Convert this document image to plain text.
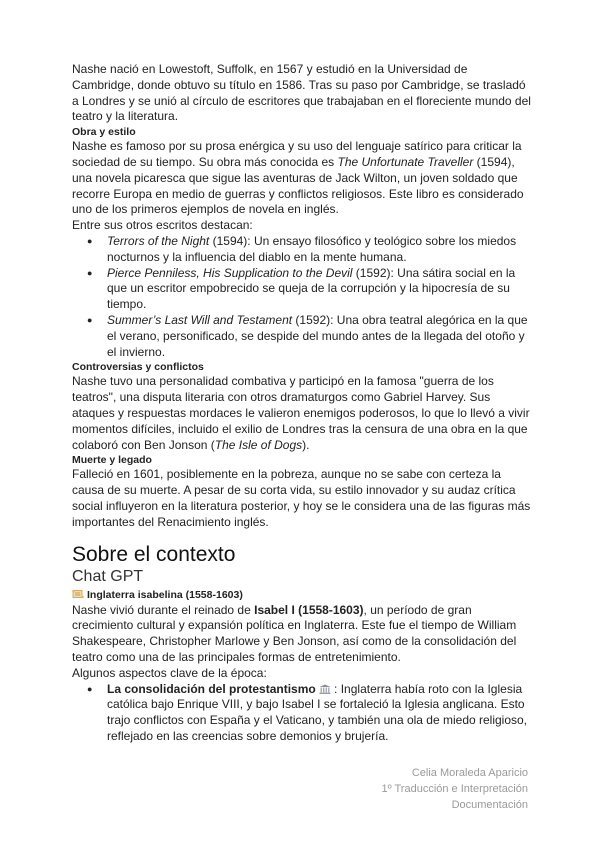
Nashe nació en Lowestoft, Suffolk, en 1567 y estudió en la Universidad de Cambridge, donde obtuvo su título en 1586. Tras su paso por Cambridge, se trasladó a Londres y se unió al círculo de escritores que trabajaban en el floreciente mundo del teatro y la literatura.

Obra y estilo

Nashe es famoso por su prosa enérgica y su uso del lenguaje satírico para criticar la sociedad de su tiempo. Su obra más conocida es The Unfortunate Traveller (1594), una novela picaresca que sigue las aventuras de Jack Wilton, un joven soldado que recorre Europa en medio de guerras y conflictos religiosos. Este libro es considerado uno de los primeros ejemplos de novela en inglés.

Entre sus otros escritos destacan:

● Terrors of the Night (1594): Un ensayo filosófico y teológico sobre los miedos nocturnos y la influencia del diablo en la mente humana.
● Pierce Penniless, His Supplication to the Devil (1592): Una sátira social en la que un escritor empobrecido se queja de la corrupción y la hipocresía de su tiempo.
● Summer’s Last Will and Testament (1592): Una obra teatral alegórica en la que el verano, personificado, se despide del mundo antes de la llegada del otoño y el invierno.

Controversias y conflictos

Nashe tuvo una personalidad combativa y participó en la famosa "guerra de los teatros", una disputa literaria con otros dramaturgos como Gabriel Harvey. Sus ataques y respuestas mordaces le valieron enemigos poderosos, lo que lo llevó a vivir momentos difíciles, incluido el exilio de Londres tras la censura de una obra en la que colaboró con Ben Jonson (The Isle of Dogs).

Muerte y legado

Falleció en 1601, posiblemente en la pobreza, aunque no se sabe con certeza la causa de su muerte. A pesar de su corta vida, su estilo innovador y su audaz crítica social influyeron en la literatura posterior, y hoy se le considera una de las figuras más importantes del Renacimiento inglés.

Sobre el contexto
Chat GPT
Inglaterra isabelina (1558-1603)

Nashe vivió durante el reinado de Isabel I (1558-1603), un período de gran crecimiento cultural y expansión política en Inglaterra. Este fue el tiempo de William Shakespeare, Christopher Marlowe y Ben Jonson, así como de la consolidación del teatro como una de las principales formas de entretenimiento.

Algunos aspectos clave de la época:

● La consolidación del protestantismo : Inglaterra había roto con la Iglesia católica bajo Enrique VIII, y bajo Isabel I se fortaleció la Iglesia anglicana. Esto trajo conflictos con España y el Vaticano, y también una ola de miedo religioso, reflejado en las creencias sobre demonios y brujería.
Celia Moraleda Aparicio
1º Traducción e Interpretación
Documentación
